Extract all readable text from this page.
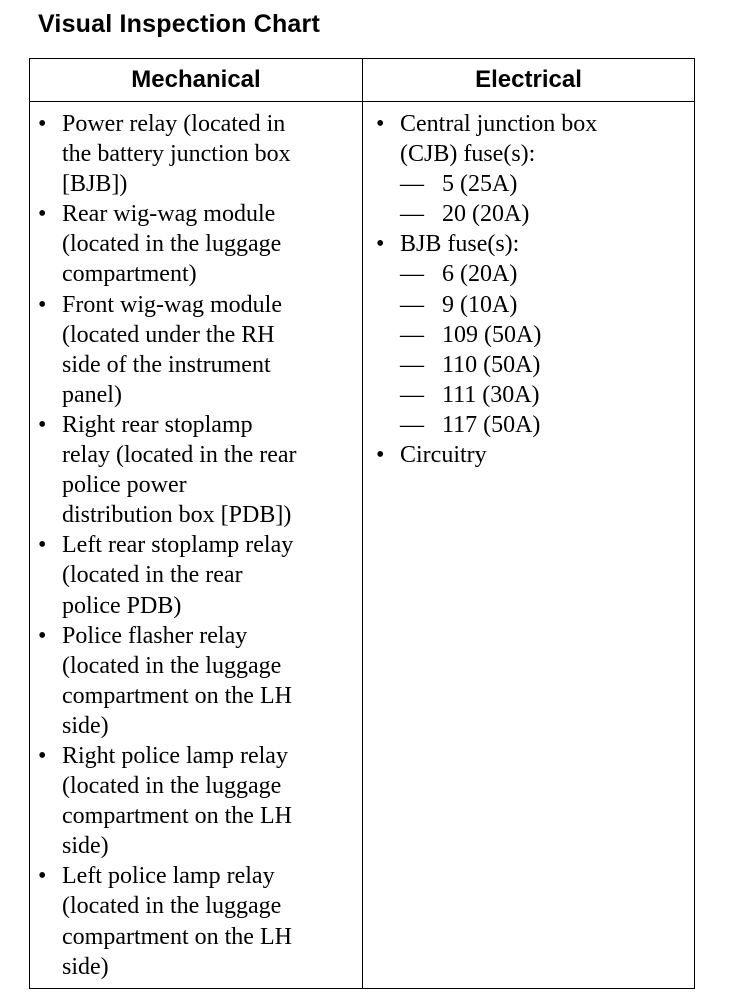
Visual Inspection Chart
Mechanical	Electrical
• Power relay (located in
the battery junction box
[BJB])
• Rear wig-wag module
(located in the luggage
compartment)
• Front wig-wag module
(located under the RH
side of the instrument
panel)
• Right rear stoplamp
relay (located in the rear
police power
distribution box [PDB])
• Left rear stoplamp relay
(located in the rear
police PDB)
• Police flasher relay
(located in the luggage
compartment on the LH
side)
• Right police lamp relay
(located in the luggage
compartment on the LH
side)
• Left police lamp relay
(located in the luggage
compartment on the LH
side)
• Central junction box
(CJB) fuse(s):
— 5 (25A)
— 20 (20A)
• BJB fuse(s):
— 6 (20A)
— 9 (10A)
— 109 (50A)
— 110 (50A)
— 111 (30A)
— 117 (50A)
• Circuitry
